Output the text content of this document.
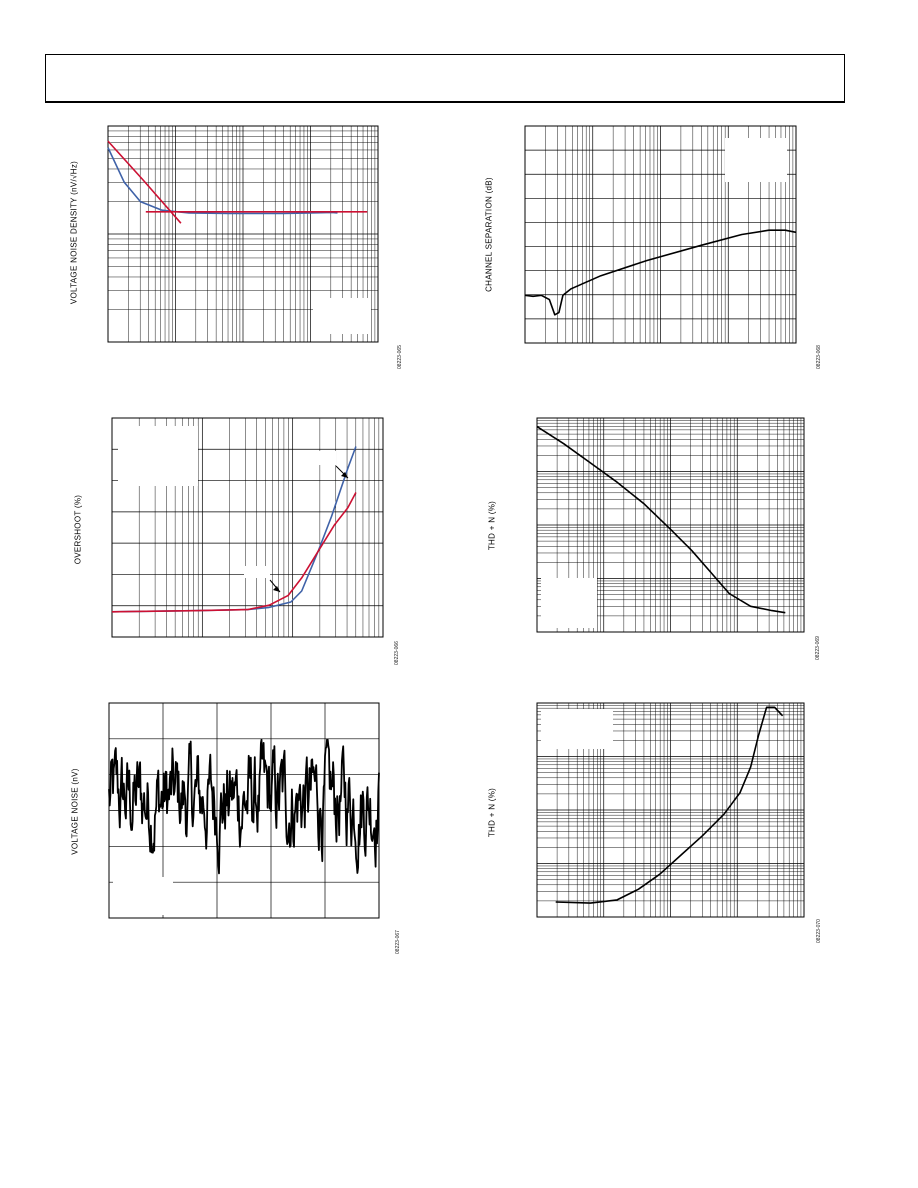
VOLTAGE NOISE DENSITY (nV/√Hz)
08223-065
OVERSHOOT (%)
08223-066
VOLTAGE NOISE (nV)
08223-067
CHANNEL SEPARATION (dB)
08223-068
THD + N (%)
08223-069
THD + N (%)
08223-070
